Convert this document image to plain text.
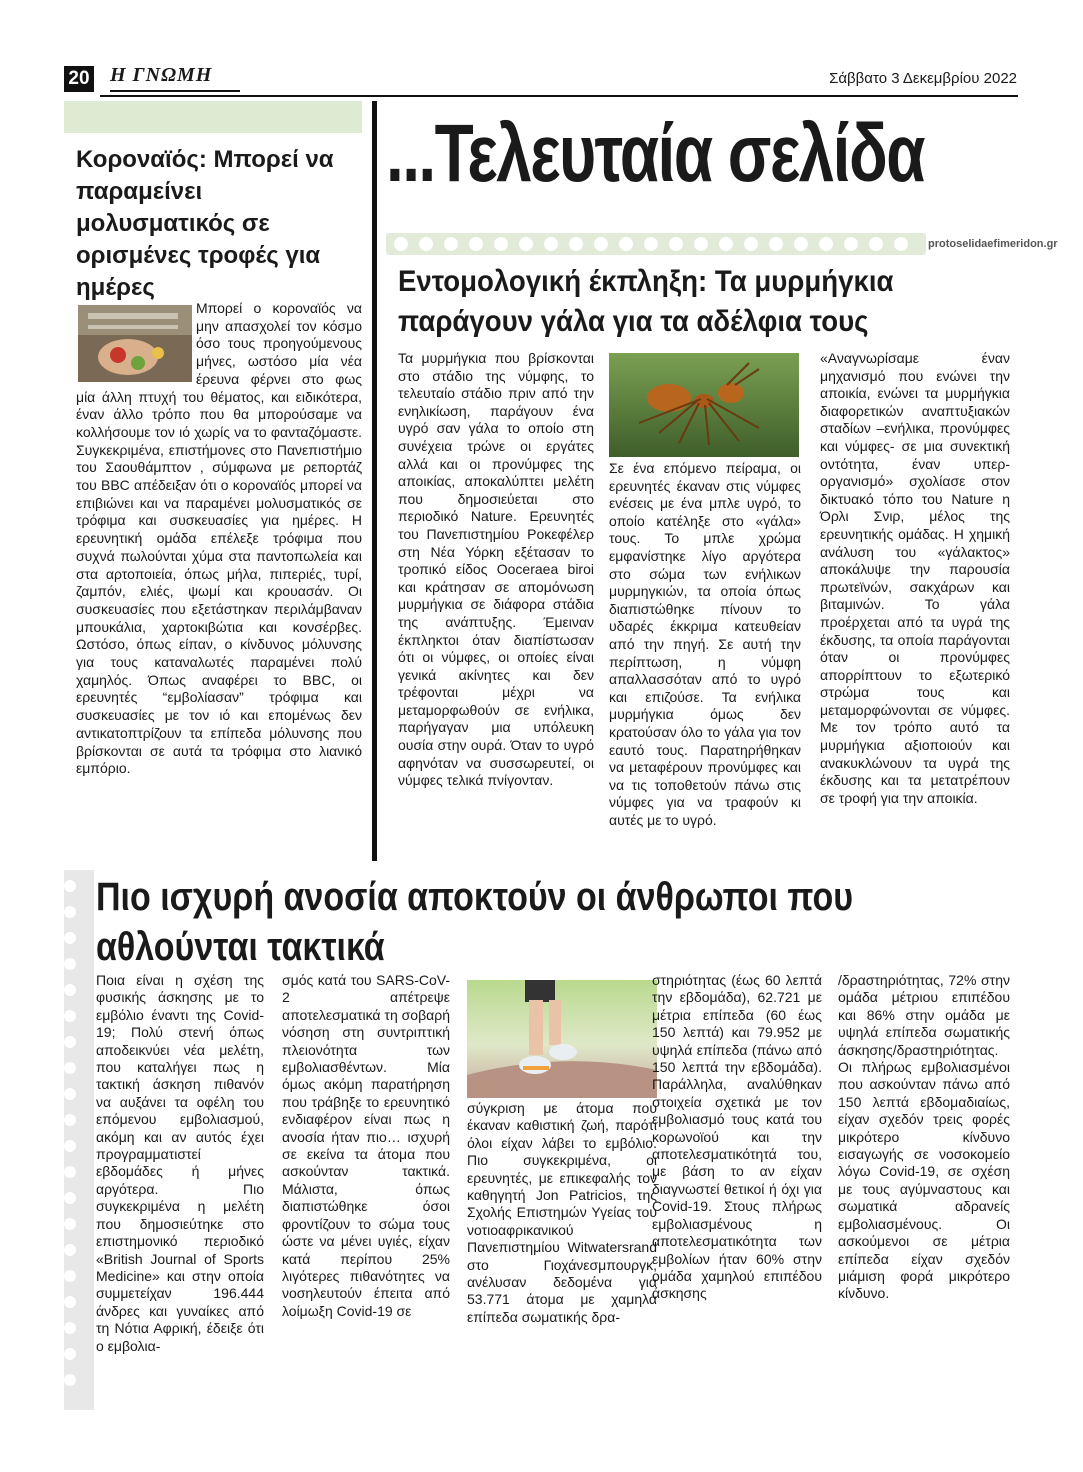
20 Η ΓΝΩΜΗ	Σάββατο 3 Δεκεμβρίου 2022
Κοροναϊός: Μπορεί να παραμείνει μολυσματικός σε ορισμένες τροφές για ημέρες
Μπορεί ο κοροναϊός να μην απασχολεί τον κόσμο όσο τους προηγούμενους μήνες, ωστόσο μία νέα έρευνα φέρνει στο φως μία άλλη πτυχή του θέματος, και ειδικότερα, έναν άλλο τρόπο που θα μπορούσαμε να κολλήσουμε τον ιό χωρίς να το φανταζόμαστε. Συγκεκριμένα, επιστήμονες στο Πανεπιστήμιο του Σαουθάμπτον , σύμφωνα με ρεπορτάζ του BBC απέδειξαν ότι ο κοροναϊός μπορεί να επιβιώνει και να παραμένει μολυσματικός σε τρόφιμα και συσκευασίες για ημέρες. Η ερευνητική ομάδα επέλεξε τρόφιμα που συχνά πωλούνται χύμα στα παντοπωλεία και στα αρτοποιεία, όπως μήλα, πιπεριές, τυρί, ζαμπόν, ελιές, ψωμί και κρουασάν. Οι συσκευασίες που εξετάστηκαν περιλάμβαναν μπουκάλια, χαρτοκιβώτια και κονσέρβες. Ωστόσο, όπως είπαν, ο κίνδυνος μόλυνσης για τους καταναλωτές παραμένει πολύ χαμηλός. Όπως αναφέρει το BBC, οι ερευνητές “εμβολίασαν” τρόφιμα και συσκευασίες με τον ιό και επομένως δεν αντικατοπτρίζουν τα επίπεδα μόλυνσης που βρίσκονται σε αυτά τα τρόφιμα στο λιανικό εμπόριο.
...Τελευταία σελίδα
protoselidaefimeridon.gr
Εντομολογική έκπληξη: Τα μυρμήγκια παράγουν γάλα για τα αδέλφια τους
Τα μυρμήγκια που βρίσκονται στο στάδιο της νύμφης, το τελευταίο στάδιο πριν από την ενηλικίωση, παράγουν ένα υγρό σαν γάλα το οποίο στη συνέχεια τρώνε οι εργάτες αλλά και οι προνύμφες της αποικίας, αποκαλύπτει μελέτη που δημοσιεύεται στο περιοδικό Nature. Ερευνητές του Πανεπιστημίου Ροκεφέλερ στη Νέα Υόρκη εξέτασαν το τροπικό είδος Ooceraea biroi και κράτησαν σε απομόνωση μυρμήγκια σε διάφορα στάδια της ανάπτυξης. Έμειναν έκπληκτοι όταν διαπίστωσαν ότι οι νύμφες, οι οποίες είναι γενικά ακίνητες και δεν τρέφονται μέχρι να μεταμορφωθούν σε ενήλικα, παρήγαγαν μια υπόλευκη ουσία στην ουρά. Όταν το υγρό αφηνόταν να συσσωρευτεί, οι νύμφες τελικά πνίγονταν.
Σε ένα επόμενο πείραμα, οι ερευνητές έκαναν στις νύμφες ενέσεις με ένα μπλε υγρό, το οποίο κατέληξε στο «γάλα» τους. Το μπλε χρώμα εμφανίστηκε λίγο αργότερα στο σώμα των ενήλικων μυρμηγκιών, τα οποία όπως διαπιστώθηκε πίνουν το υδαρές έκκριμα κατευθείαν από την πηγή. Σε αυτή την περίπτωση, η νύμφη απαλλασσόταν από το υγρό και επιζούσε. Τα ενήλικα μυρμήγκια όμως δεν κρατούσαν όλο το γάλα για τον εαυτό τους. Παρατηρήθηκαν να μεταφέρουν προνύμφες και να τις τοποθετούν πάνω στις νύμφες για να τραφούν κι αυτές με το υγρό.
«Αναγνωρίσαμε έναν μηχανισμό που ενώνει την αποικία, ενώνει τα μυρμήγκια διαφορετικών αναπτυξιακών σταδίων –ενήλικα, προνύμφες και νύμφες- σε μια συνεκτική οντότητα, έναν υπερ-οργανισμό» σχολίασε στον δικτυακό τόπο του Nature η Όρλι Σνιρ, μέλος της ερευνητικής ομάδας. Η χημική ανάλυση του «γάλακτος» αποκάλυψε την παρουσία πρωτεϊνών, σακχάρων και βιταμινών. Το γάλα προέρχεται από τα υγρά της έκδυσης, τα οποία παράγονται όταν οι προνύμφες απορρίπτουν το εξωτερικό στρώμα τους και μεταμορφώνονται σε νύμφες. Με τον τρόπο αυτό τα μυρμήγκια αξιοποιούν και ανακυκλώνουν τα υγρά της έκδυσης και τα μετατρέπουν σε τροφή για την αποικία.
Πιο ισχυρή ανοσία αποκτούν οι άνθρωποι που αθλούνται τακτικά
Ποια είναι η σχέση της φυσικής άσκησης με το εμβόλιο έναντι της Covid-19; Πολύ στενή όπως αποδεικνύει νέα μελέτη, που καταλήγει πως η τακτική άσκηση πιθανόν να αυξάνει τα οφέλη του επόμενου εμβολιασμού, ακόμη και αν αυτός έχει προγραμματιστεί εβδομάδες ή μήνες αργότερα. Πιο συγκεκριμένα η μελέτη που δημοσιεύτηκε στο επιστημονικό περιοδικό «British Journal of Sports Medicine» και στην οποία συμμετείχαν 196.444 άνδρες και γυναίκες από τη Νότια Αφρική, έδειξε ότι ο εμβολια-
σμός κατά του SARS-CoV-2 απέτρεψε αποτελεσματικά τη σοβαρή νόσηση στη συντριπτική πλειονότητα των εμβολιασθέντων. Μία όμως ακόμη παρατήρηση που τράβηξε το ερευνητικό ενδιαφέρον είναι πως η ανοσία ήταν πιο… ισχυρή σε εκείνα τα άτομα που ασκούνταν τακτικά. Μάλιστα, όπως διαπιστώθηκε όσοι φροντίζουν το σώμα τους ώστε να μένει υγιές, είχαν κατά περίπου 25% λιγότερες πιθανότητες να νοσηλευτούν έπειτα από λοίμωξη Covid-19 σε
σύγκριση με άτομα που έκαναν καθιστική ζωή, παρότι όλοι είχαν λάβει το εμβόλιο. Πιο συγκεκριμένα, οι ερευνητές, με επικεφαλής τον καθηγητή Jon Patricios, της Σχολής Επιστημών Υγείας του νοτιοαφρικανικού Πανεπιστημίου Witwatersrand στο Γιοχάνεσμπουργκ, ανέλυσαν δεδομένα για 53.771 άτομα με χαμηλά επίπεδα σωματικής δρα-
στηριότητας (έως 60 λεπτά την εβδομάδα), 62.721 με μέτρια επίπεδα (60 έως 150 λεπτά) και 79.952 με υψηλά επίπεδα (πάνω από 150 λεπτά την εβδομάδα). Παράλληλα, αναλύθηκαν στοιχεία σχετικά με τον εμβολιασμό τους κατά του κορωνοϊού και την αποτελεσματικότητά του, με βάση το αν είχαν διαγνωστεί θετικοί ή όχι για Covid-19. Στους πλήρως εμβολιασμένους η αποτελεσματικότητα των εμβολίων ήταν 60% στην ομάδα χαμηλού επιπέδου άσκησης
/δραστηριότητας, 72% στην ομάδα μέτριου επιπέδου και 86% στην ομάδα με υψηλά επίπεδα σωματικής άσκησης/δραστηριότητας. Οι πλήρως εμβολιασμένοι που ασκούνταν πάνω από 150 λεπτά εβδομαδιαίως, είχαν σχεδόν τρεις φορές μικρότερο κίνδυνο εισαγωγής σε νοσοκομείο λόγω Covid-19, σε σχέση με τους αγύμναστους και σωματικά αδρανείς εμβολιασμένους. Οι ασκούμενοι σε μέτρια επίπεδα είχαν σχεδόν μιάμιση φορά μικρότερο κίνδυνο.
